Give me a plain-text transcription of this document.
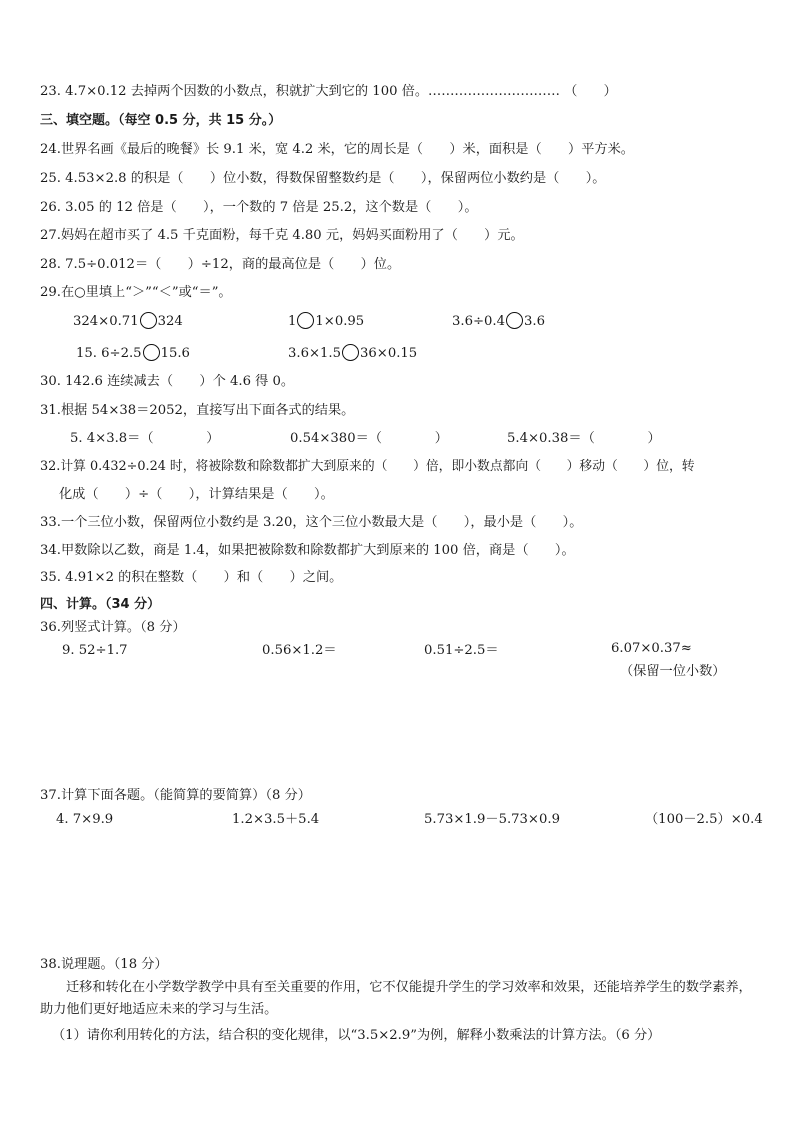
23. 4.7×0.12 去掉两个因数的小数点，积就扩大到它的 100 倍。………………………… （　　）
三、填空题。（每空 0.5 分，共 15 分。）
24.世界名画《最后的晚餐》长 9.1 米，宽 4.2 米，它的周长是（　　）米，面积是（　　）平方米。
25. 4.53×2.8 的积是（　　）位小数，得数保留整数约是（　　），保留两位小数约是（　　）。
26. 3.05 的 12 倍是（　　），一个数的 7 倍是 25.2，这个数是（　　）。
27.妈妈在超市买了 4.5 千克面粉，每千克 4.80 元，妈妈买面粉用了（　　）元。
28. 7.5÷0.012＝（　　）÷12，商的最高位是（　　）位。
29.在○里填上“＞”“＜”或“＝”。
324×0.71 324	1 1×0.95	3.6÷0.4 3.6
15. 6÷2.5 15.6	3.6×1.5 36×0.15
30. 142.6 连续减去（　　）个 4.6 得 0。
31.根据 54×38＝2052，直接写出下面各式的结果。
5. 4×3.8＝（　　　　）	0.54×380＝（　　　　）	5.4×0.38＝（　　　　）
32.计算 0.432÷0.24 时，将被除数和除数都扩大到原来的（　　）倍，即小数点都向（　　）移动（　　）位，转
化成（　　）÷（　　），计算结果是（　　）。
33.一个三位小数，保留两位小数约是 3.20，这个三位小数最大是（　　），最小是（　　）。
34.甲数除以乙数，商是 1.4，如果把被除数和除数都扩大到原来的 100 倍，商是（　　）。
35. 4.91×2 的积在整数（　　）和（　　）之间。
四、计算。（34 分）
36.列竖式计算。（8 分）
9. 52÷1.7	0.56×1.2＝	0.51÷2.5＝	6.07×0.37≈
（保留一位小数）
37.计算下面各题。（能简算的要简算）（8 分）
4. 7×9.9	1.2×3.5＋5.4	5.73×1.9－5.73×0.9	（100－2.5）×0.4
38.说理题。（18 分）
迁移和转化在小学数学教学中具有至关重要的作用，它不仅能提升学生的学习效率和效果，还能培养学生的数学素养，助力他们更好地适应未来的学习与生活。
（1）请你利用转化的方法，结合积的变化规律，以“3.5×2.9”为例，解释小数乘法的计算方法。（6 分）
